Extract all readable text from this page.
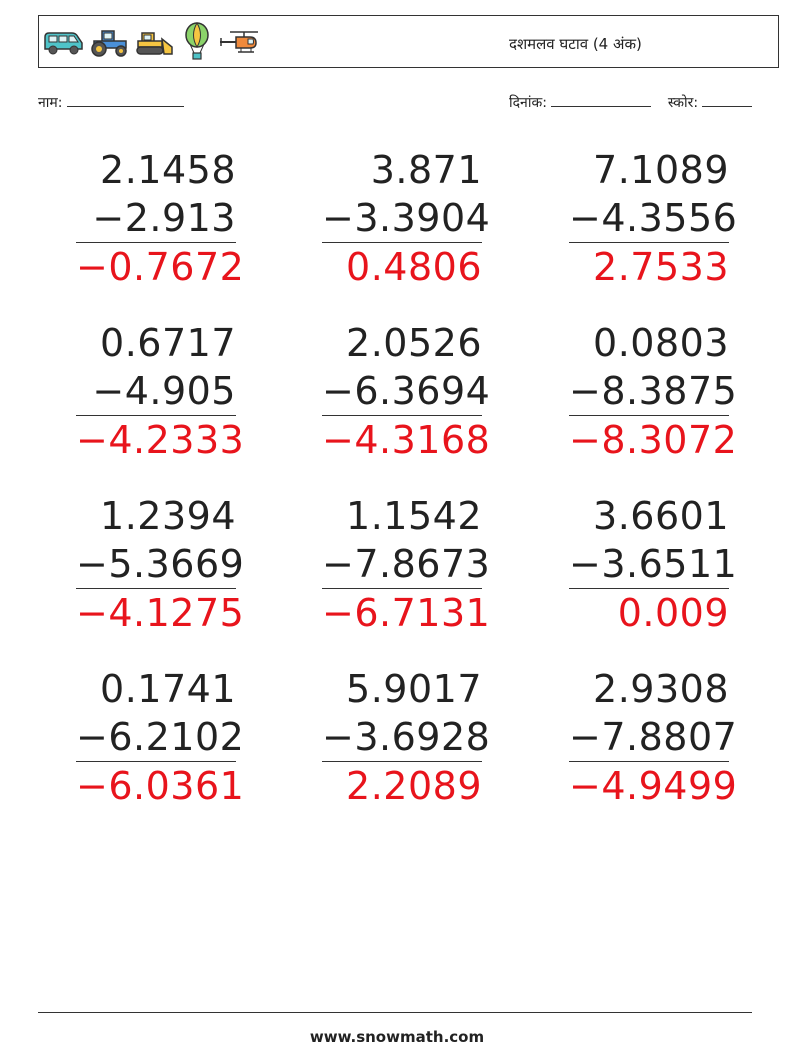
दशमलव घटाव (4 अंक)
नाम:	दिनांक:	स्कोर:
2.1458
−2.913
−0.7672
3.871
−3.3904
0.4806
7.1089
−4.3556
2.7533
0.6717
−4.905
−4.2333
2.0526
−6.3694
−4.3168
0.0803
−8.3875
−8.3072
1.2394
−5.3669
−4.1275
1.1542
−7.8673
−6.7131
3.6601
−3.6511
0.009
0.1741
−6.2102
−6.0361
5.9017
−3.6928
2.2089
2.9308
−7.8807
−4.9499
www.snowmath.com
